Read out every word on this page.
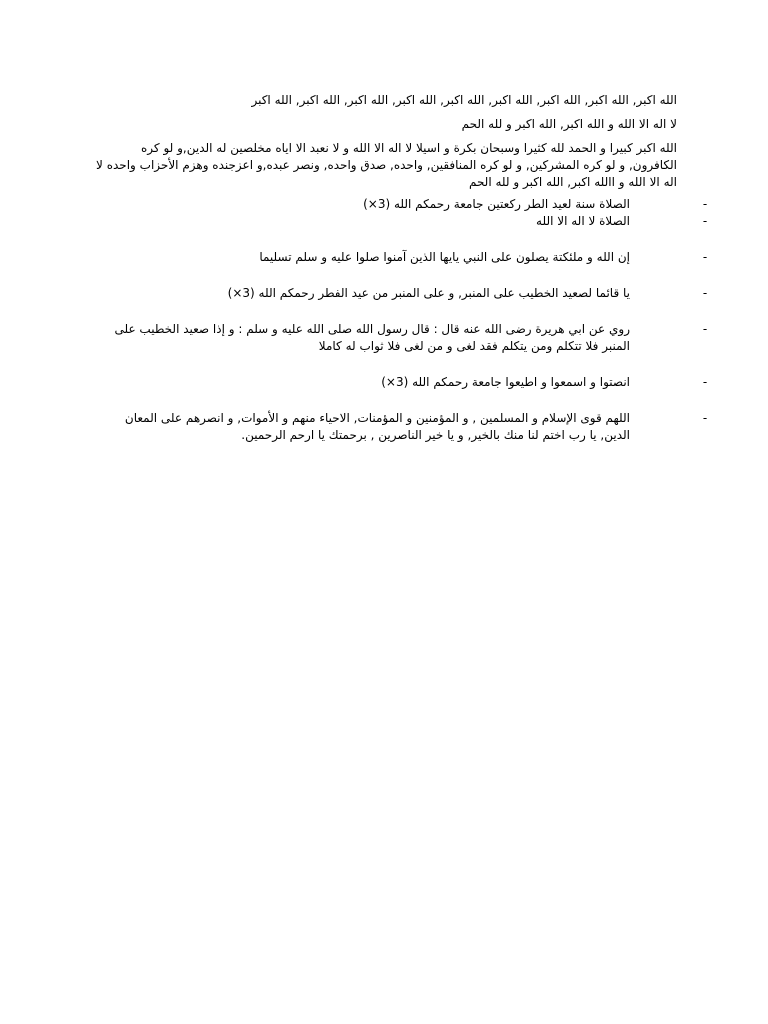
الله اكبر, الله اكبر, الله اكبر, الله اكبر, الله اكبر, الله اكبر, الله اكبر, الله اكبر, الله اكبر

لا اله الا الله و الله اكبر, الله اكبر و لله الحم

الله اكبر كبيرا و الحمد لله كثيرا وسبحان بكرة و اسيلا لا اله الا الله و لا نعبد الا اياه مخلصين له الدين,و لو كره الكافرون, و لو كره المشركين, و لو كره المنافقين, واحده, صدق واحده, ونصر عبده,و اعزجنده وهزم الأحزاب واحده لا اله الا الله و االله اكبر, الله اكبر و لله الحم

-
الصلاة سنة لعيد الطر ركعتين جامعة رحمكم الله (3×)
-
الصلاة لا اله الا الله
-
إن الله و ملئكتة يصلون على النبي يايها الذين آمنوا صلوا عليه و سلم تسليما
-
يا قائما لصعيد الخطيب على المنبر, و على المنبر من عيد الفطر رحمكم الله (3×)
-
روي عن ابي هريرة رضى الله عنه قال : قال رسول الله صلى الله عليه و سلم : و إذا صعيد الخطيب على المنبر فلا تتكلم ومن يتكلم فقد لغى و من لغى فلا ثواب له كاملا
-
انصتوا و اسمعوا و اطيعوا جامعة رحمكم الله (3×)
-
اللهم قوى الإسلام و المسلمين , و المؤمنين و المؤمنات, الاحياء منهم و الأموات, و انصرهم على المعان الدين, يا رب اختم لنا منك بالخير, و يا خير الناصرين , برحمتك يا ارحم الرحمين.
